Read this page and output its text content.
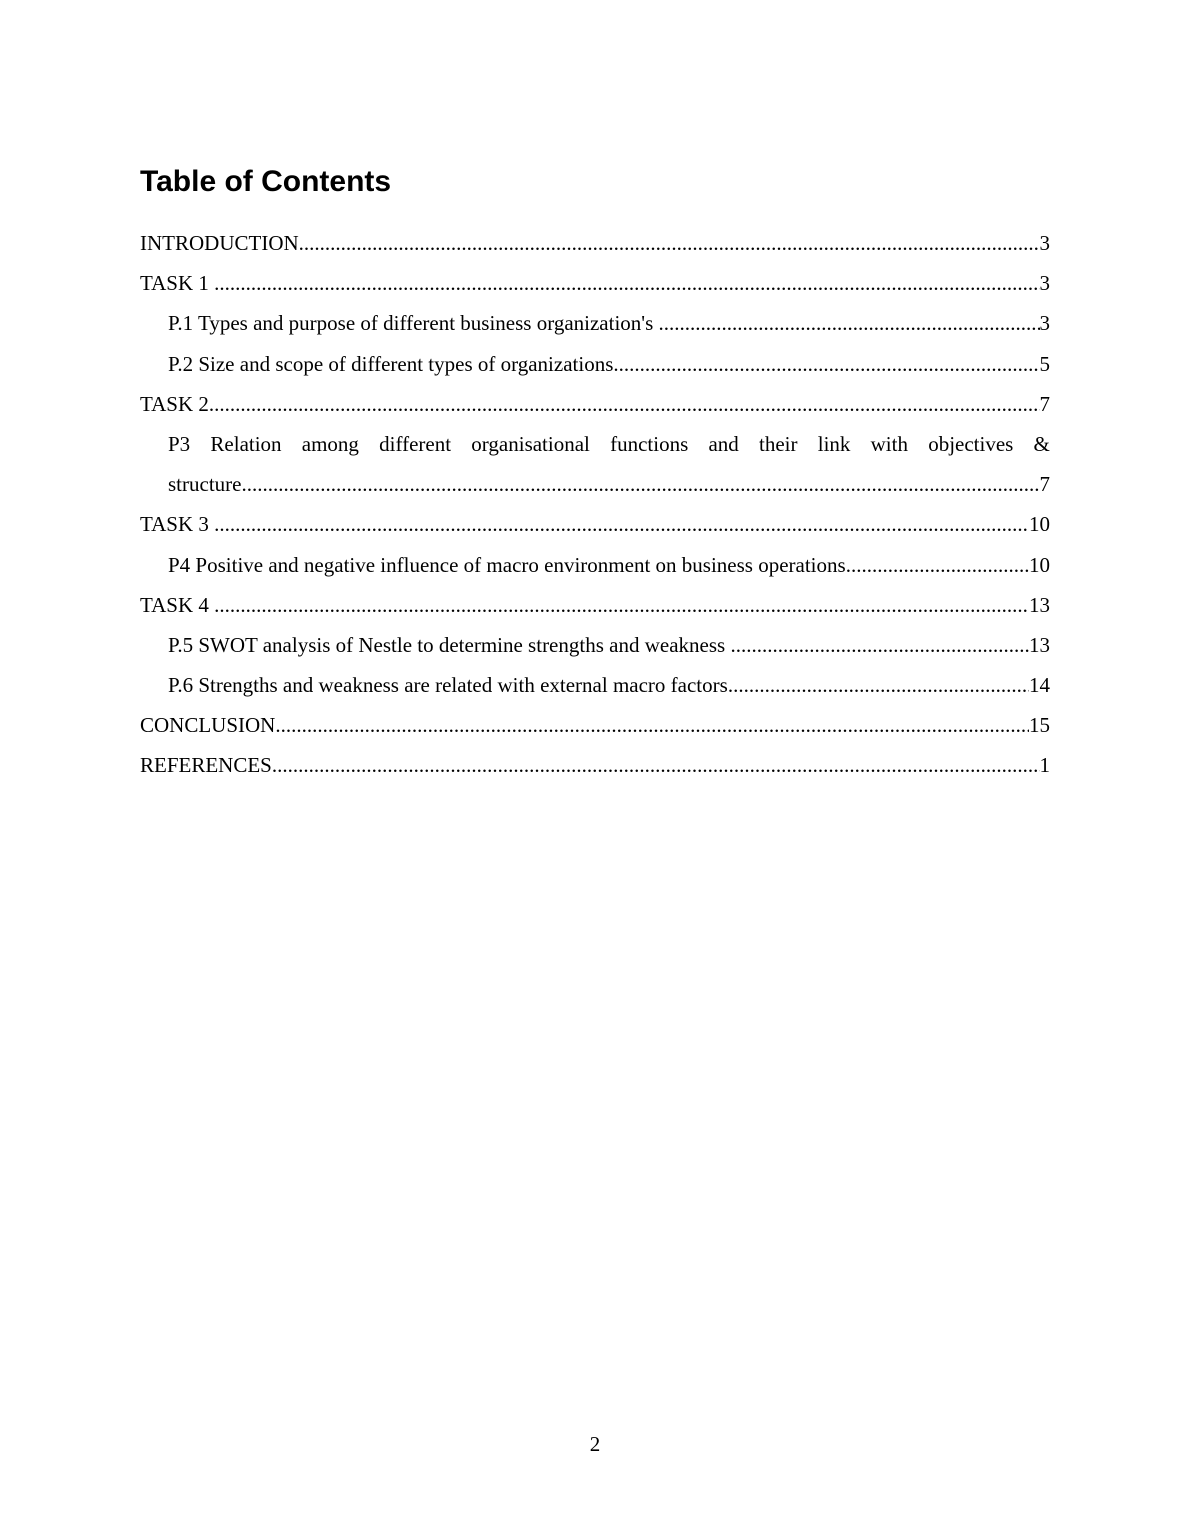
Table of Contents
INTRODUCTION .....	3
TASK 1 .....	3
P.1 Types and purpose of different business organization's .....	3
P.2 Size and scope of different types of organizations .....	5
TASK 2 .....	7
P3 Relation among different organisational functions and their link with objectives &
structure .....	7
TASK 3 .....	10
P4 Positive and negative influence of macro environment on business operations .....	10
TASK 4 .....	13
P.5 SWOT analysis of Nestle to determine strengths and weakness .....	13
P.6 Strengths and weakness are related with external macro factors .....	14
CONCLUSION .....	15
REFERENCES .....	1
2
